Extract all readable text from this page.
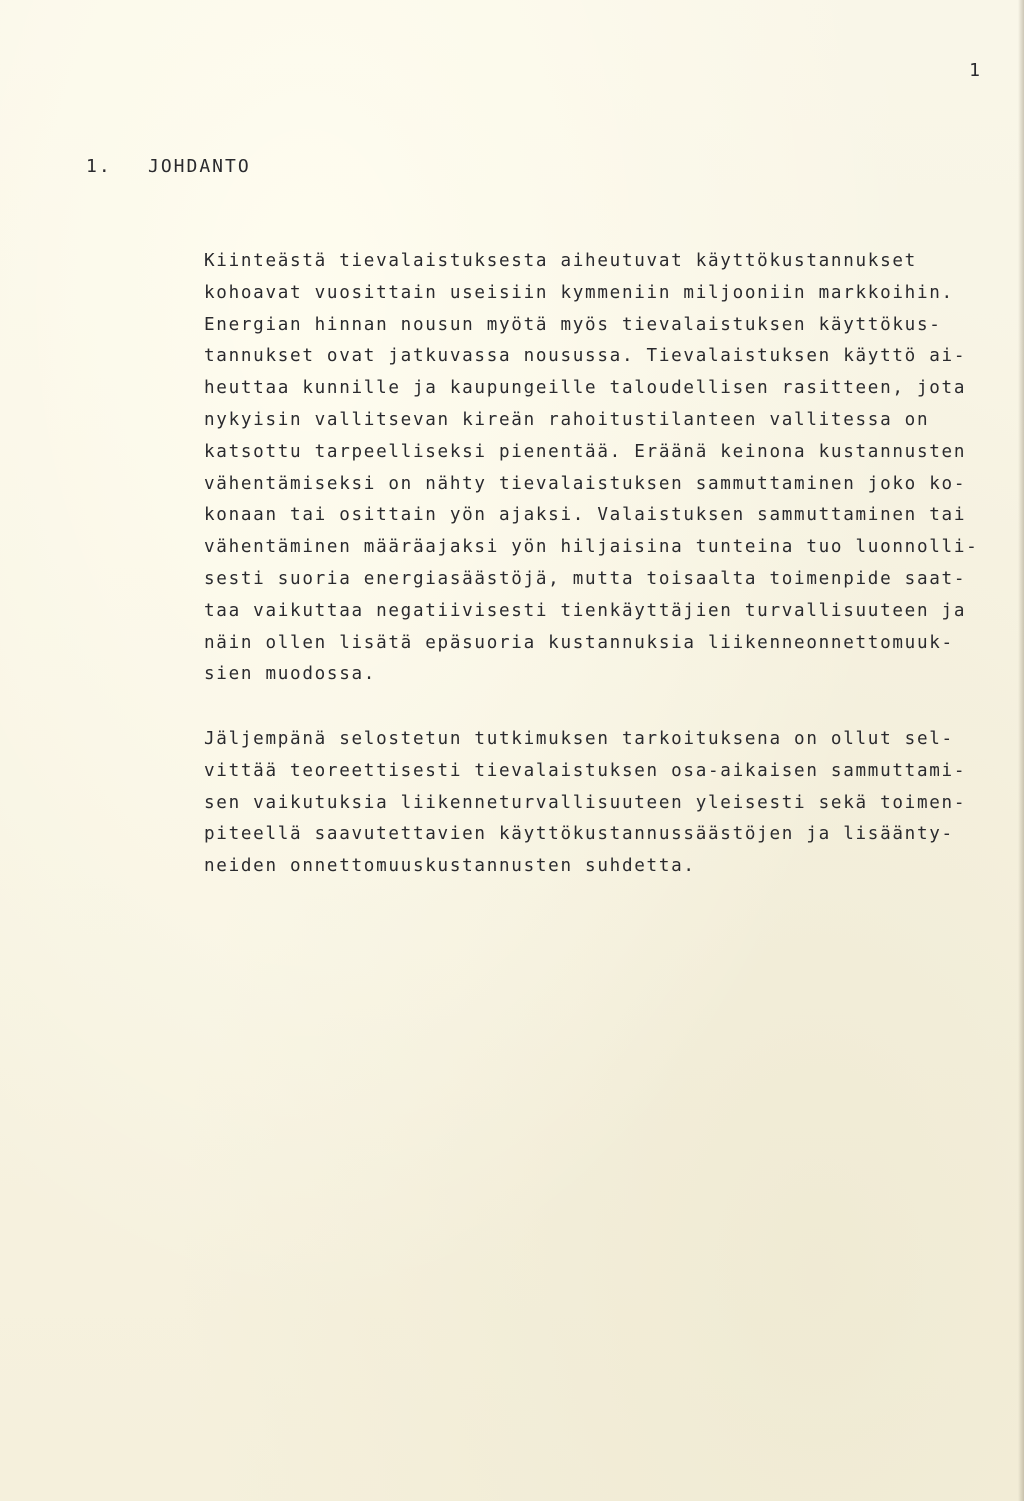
1
1. JOHDANTO
Kiinteästä tievalaistuksesta aiheutuvat käyttökustannukset
kohoavat vuosittain useisiin kymmeniin miljooniin markkoihin.
Energian hinnan nousun myötä myös tievalaistuksen käyttökus-
tannukset ovat jatkuvassa nousussa. Tievalaistuksen käyttö ai-
heuttaa kunnille ja kaupungeille taloudellisen rasitteen, jota
nykyisin vallitsevan kireän rahoitustilanteen vallitessa on
katsottu tarpeelliseksi pienentää. Eräänä keinona kustannusten
vähentämiseksi on nähty tievalaistuksen sammuttaminen joko ko-
konaan tai osittain yön ajaksi. Valaistuksen sammuttaminen tai
vähentäminen määräajaksi yön hiljaisina tunteina tuo luonnolli-
sesti suoria energiasäästöjä, mutta toisaalta toimenpide saat-
taa vaikuttaa negatiivisesti tienkäyttäjien turvallisuuteen ja
näin ollen lisätä epäsuoria kustannuksia liikenneonnettomuuk-
sien muodossa.
Jäljempänä selostetun tutkimuksen tarkoituksena on ollut sel-
vittää teoreettisesti tievalaistuksen osa-aikaisen sammuttami-
sen vaikutuksia liikenneturvallisuuteen yleisesti sekä toimen-
piteellä saavutettavien käyttökustannussäästöjen ja lisäänty-
neiden onnettomuuskustannusten suhdetta.
